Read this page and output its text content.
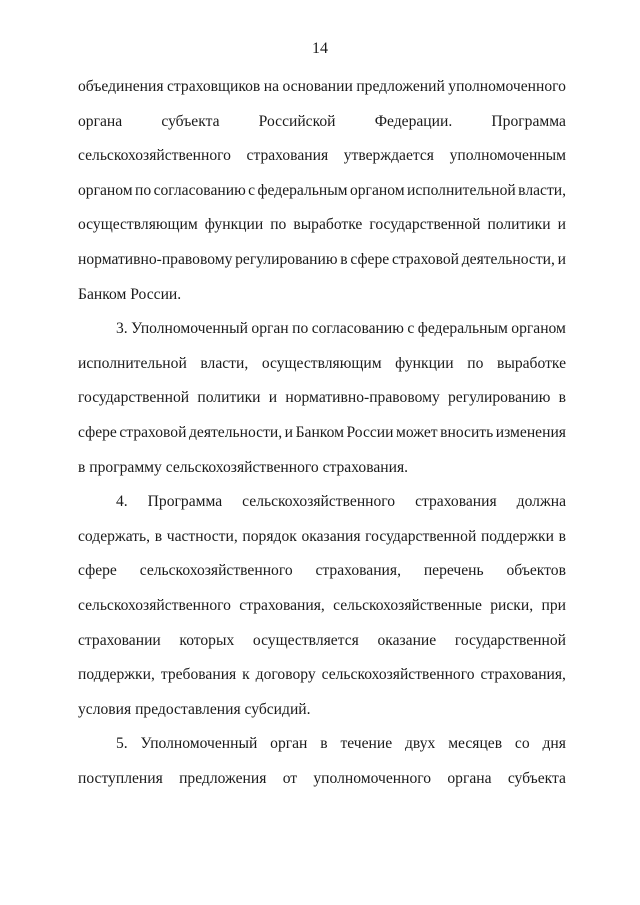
14

объединения страховщиков на основании предложений уполномоченного
органа	субъекта	Российской	Федерации.	Программа
сельскохозяйственного страхования утверждается уполномоченным
органом по согласованию с федеральным органом исполнительной власти,
осуществляющим функции по выработке государственной политики и
нормативно-правовому регулированию в сфере страховой деятельности, и
Банком России.

3. Уполномоченный орган по согласованию с федеральным органом
исполнительной власти, осуществляющим функции по выработке
государственной политики и нормативно-правовому регулированию в
сфере страховой деятельности, и Банком России может вносить изменения
в программу сельскохозяйственного страхования.

4. Программа сельскохозяйственного страхования должна
содержать, в частности, порядок оказания государственной поддержки в
сфере сельскохозяйственного страхования, перечень объектов
сельскохозяйственного страхования, сельскохозяйственные риски, при
страховании которых осуществляется оказание государственной
поддержки, требования к договору сельскохозяйственного страхования,
условия предоставления субсидий.

5. Уполномоченный орган в течение двух месяцев со дня
поступления предложения от уполномоченного органа субъекта
